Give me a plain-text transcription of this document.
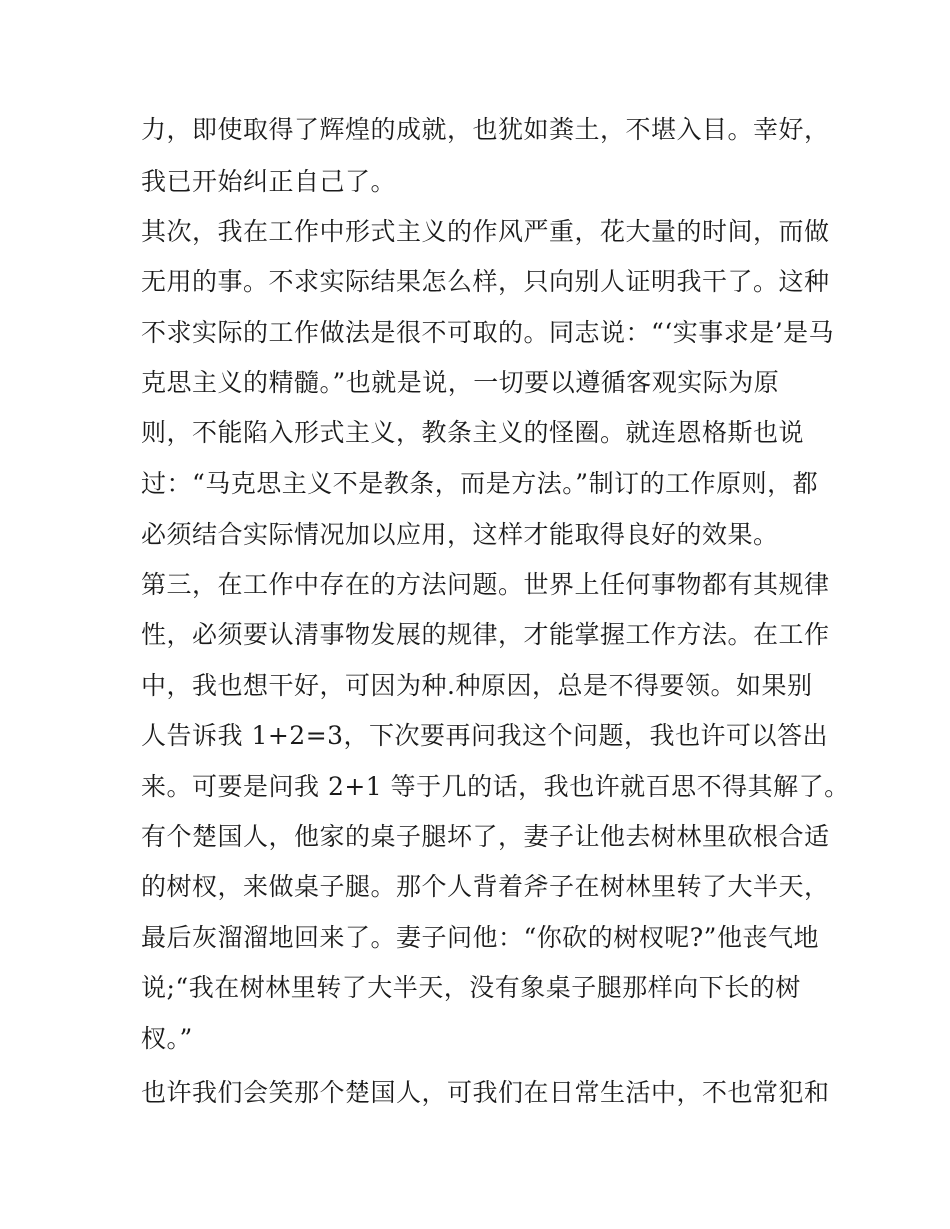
力，即使取得了辉煌的成就，也犹如粪土，不堪入目。幸好，
我已开始纠正自己了。
其次，我在工作中形式主义的作风严重，花大量的时间，而做
无用的事。不求实际结果怎么样，只向别人证明我干了。这种
不求实际的工作做法是很不可取的。同志说：“‘实事求是’是马
克思主义的精髓。”也就是说，一切要以遵循客观实际为原
则，不能陷入形式主义，教条主义的怪圈。就连恩格斯也说
过：“马克思主义不是教条，而是方法。”制订的工作原则，都
必须结合实际情况加以应用，这样才能取得良好的效果。
第三，在工作中存在的方法问题。世界上任何事物都有其规律
性，必须要认清事物发展的规律，才能掌握工作方法。在工作
中，我也想干好，可因为种.种原因，总是不得要领。如果别
人告诉我 1+2=3，下次要再问我这个问题，我也许可以答出
来。可要是问我 2+1 等于几的话，我也许就百思不得其解了。
有个楚国人，他家的桌子腿坏了，妻子让他去树林里砍根合适
的树杈，来做桌子腿。那个人背着斧子在树林里转了大半天，
最后灰溜溜地回来了。妻子问他：“你砍的树杈呢?”他丧气地
说;“我在树林里转了大半天，没有象桌子腿那样向下长的树
杈。”
也许我们会笑那个楚国人，可我们在日常生活中，不也常犯和
